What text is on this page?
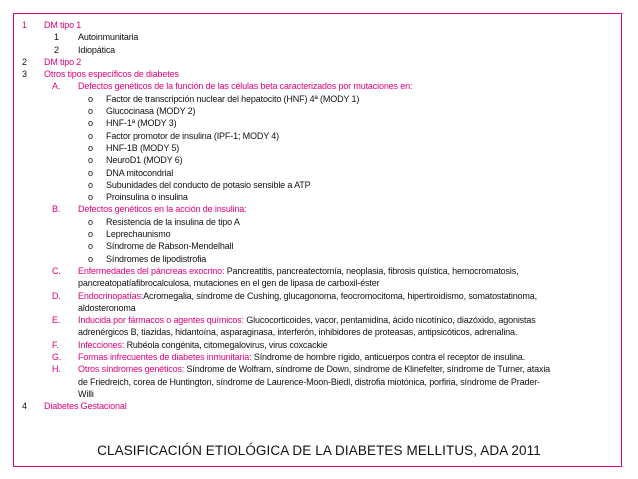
1 DM tipo 1
1 Autoinmunitaria
2 Idiopática
2 DM tipo 2
3 Otros tipos específicos de diabetes
A. Defectos genéticos de la función de las células beta caracterizados por mutaciones en:
o Factor de transcripción nuclear del hepatocito (HNF) 4ª (MODY 1)
o Glucocinasa (MODY 2)
o HNF-1ª (MODY 3)
o Factor promotor de insulina (IPF-1; MODY 4)
o HNF-1B (MODY 5)
o NeuroD1 (MODY 6)
o DNA mitocondrial
o Subunidades del conducto de potasio sensible a ATP
o Proinsulina o insulina
B. Defectos genéticos en la acción de insulina:
o Resistencia de la insulina de tipo A
o Leprechaunismo
o Síndrome de Rabson-Mendelhall
o Síndromes de lipodistrofia
C. Enfermedades del páncreas exocrino: Pancreatitis, pancreatectomía, neoplasia, fibrosis quística, hemocromatosis,
pancreatopatíafibrocalculosa, mutaciones en el gen de lipasa de carboxil-éster
D. Endocrinopatías:Acromegalia, síndrome de Cushing, glucagonoma, feocromocitoma, hipertiroidismo, somatostatinoma,
aldosteronoma
E. Inducida por fármacos o agentes químicos: Glucocorticoides, vacor, pentamidina, ácido nicotínico, diazóxido, agonistas
adrenérgicos B, tiazidas, hidantoína, asparaginasa, interferón, inhibidores de proteasas, antipsicóticos, adrenalina.
F. Infecciones: Rubéola congénita, citomegalovirus, virus coxcackie
G. Formas infrecuentes de diabetes inmunitaria: Síndrome de hombre rígido, anticuerpos contra el receptor de insulina.
H. Otros síndromes genéticos: Síndrome de Wolfram, síndrome de Down, síndrome de Klinefelter, síndrome de Turner, ataxia
de Friedreich, corea de Huntington, síndrome de Laurence-Moon-Biedl, distrofia miotónica, porfiria, síndrome de Prader-
Willi
4 Diabetes Gestacional
CLASIFICACIÓN ETIOLÓGICA DE LA DIABETES MELLITUS, ADA 2011
